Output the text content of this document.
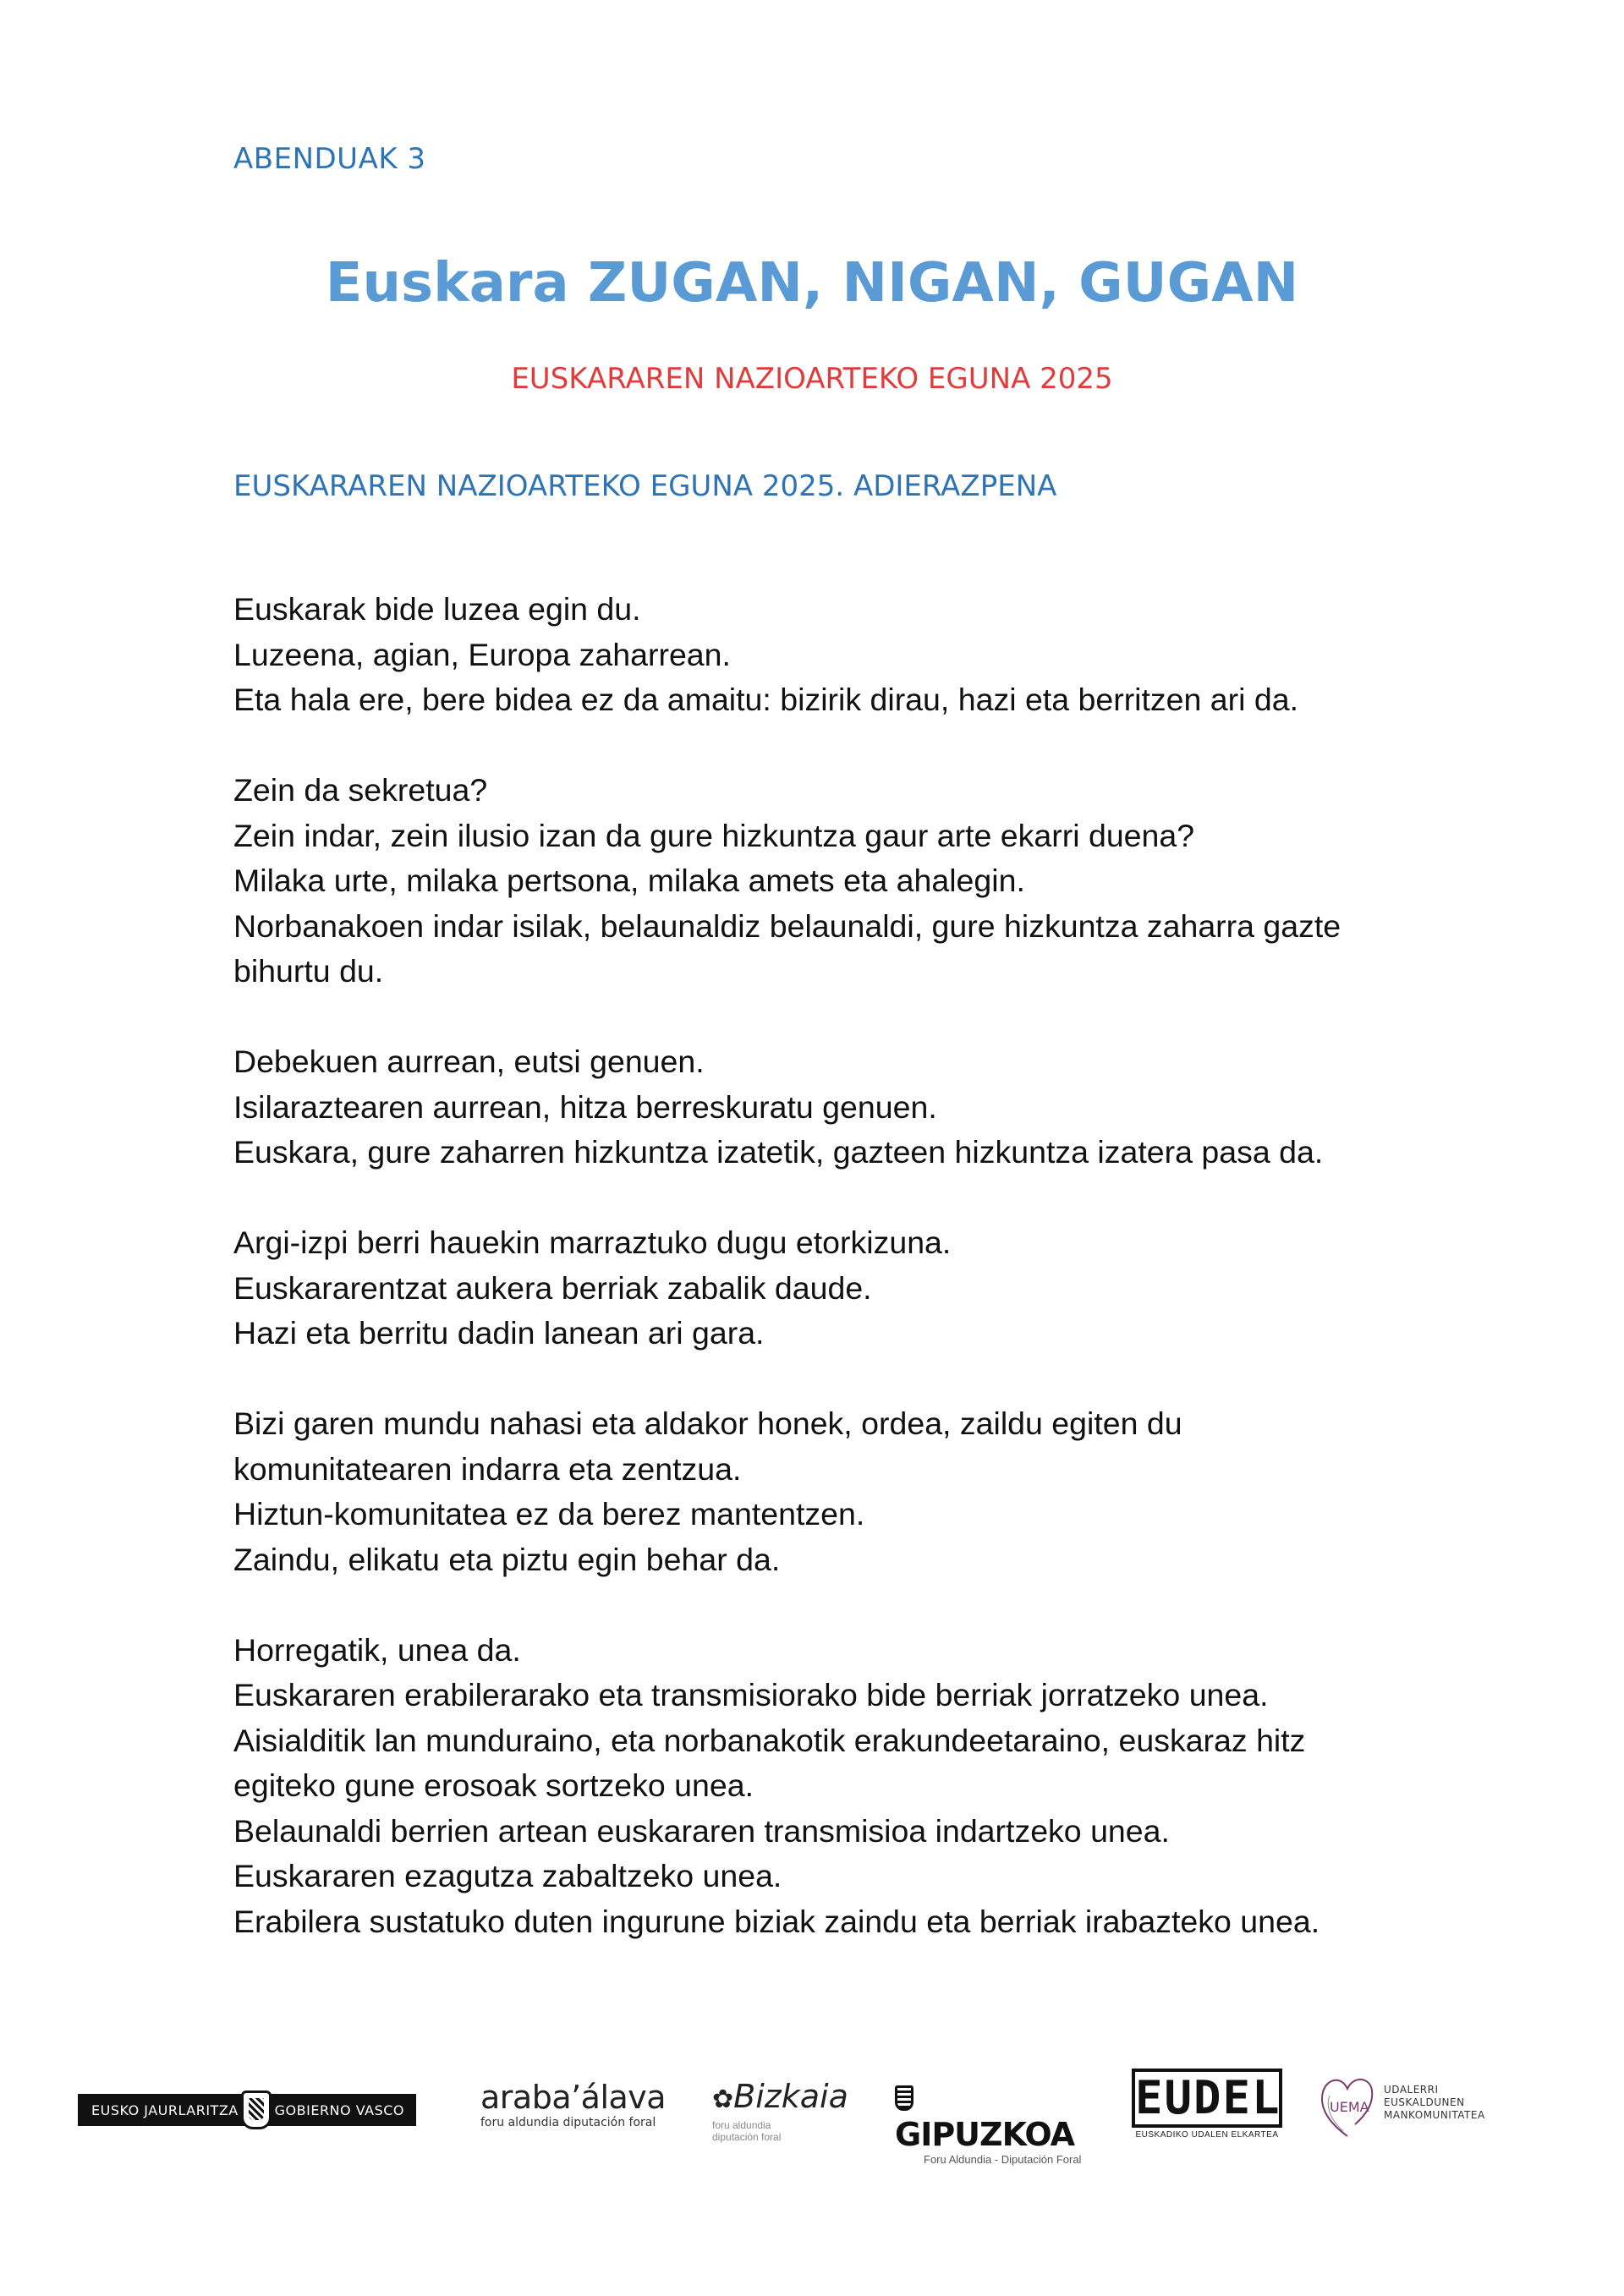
ABENDUAK 3
Euskara ZUGAN, NIGAN, GUGAN
EUSKARAREN NAZIOARTEKO EGUNA 2025
EUSKARAREN NAZIOARTEKO EGUNA 2025. ADIERAZPENA

Euskarak bide luzea egin du.
Luzeena, agian, Europa zaharrean.
Eta hala ere, bere bidea ez da amaitu: bizirik dirau, hazi eta berritzen ari da.

Zein da sekretua?
Zein indar, zein ilusio izan da gure hizkuntza gaur arte ekarri duena?
Milaka urte, milaka pertsona, milaka amets eta ahalegin.
Norbanakoen indar isilak, belaunaldiz belaunaldi, gure hizkuntza zaharra gazte
bihurtu du.

Debekuen aurrean, eutsi genuen.
Isilaraztearen aurrean, hitza berreskuratu genuen.
Euskara, gure zaharren hizkuntza izatetik, gazteen hizkuntza izatera pasa da.

Argi-izpi berri hauekin marraztuko dugu etorkizuna.
Euskararentzat aukera berriak zabalik daude.
Hazi eta berritu dadin lanean ari gara.

Bizi garen mundu nahasi eta aldakor honek, ordea, zaildu egiten du
komunitatearen indarra eta zentzua.
Hiztun-komunitatea ez da berez mantentzen.
Zaindu, elikatu eta piztu egin behar da.

Horregatik, unea da.
Euskararen erabilerarako eta transmisiorako bide berriak jorratzeko unea.
Aisialditik lan munduraino, eta norbanakotik erakundeetaraino, euskaraz hitz
egiteko gune erosoak sortzeko unea.
Belaunaldi berrien artean euskararen transmisioa indartzeko unea.
Euskararen ezagutza zabaltzeko unea.
Erabilera sustatuko duten ingurune biziak zaindu eta berriak irabazteko unea.

EUSKO JAURLARITZA	GOBIERNO VASCO araba’álava
foru aldundia diputación foral
✿Bizkaia
foru aldundia
diputación foral	GIPUZKOA
Foru Aldundia - Diputación Foral
EUDEL
EUSKADIKO UDALEN ELKARTEA
UEMA
UDALERRI
EUSKALDUNEN
MANKOMUNITATEA
